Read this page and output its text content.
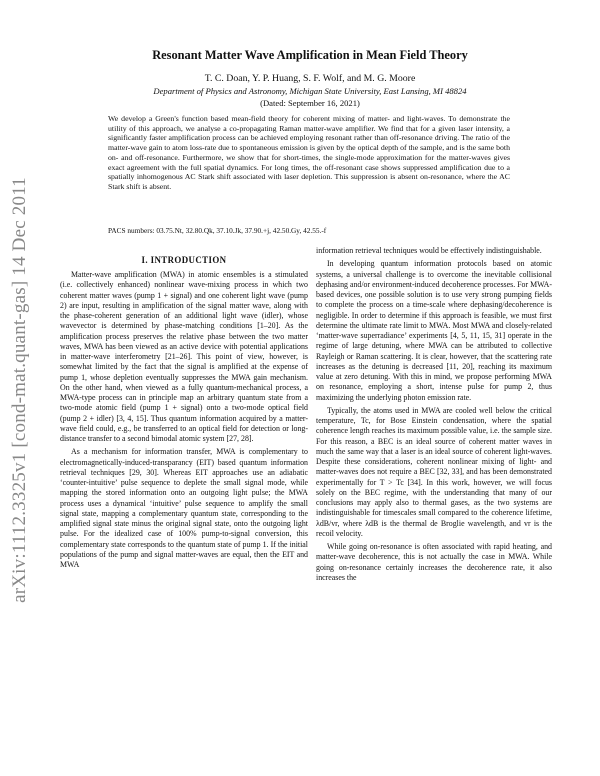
arXiv:1112.3325v1 [cond-mat.quant-gas] 14 Dec 2011
Resonant Matter Wave Amplification in Mean Field Theory
T. C. Doan, Y. P. Huang, S. F. Wolf, and M. G. Moore
Department of Physics and Astronomy, Michigan State University, East Lansing, MI 48824
(Dated: September 16, 2021)
We develop a Green's function based mean-field theory for coherent mixing of matter- and light-waves. To demonstrate the utility of this approach, we analyse a co-propagating Raman matter-wave amplifier. We find that for a given laser intensity, a significantly faster amplification process can be achieved employing resonant rather than off-resonance driving. The ratio of the matter-wave gain to atom loss-rate due to spontaneous emission is given by the optical depth of the sample, and is the same both on- and off-resonance. Furthermore, we show that for short-times, the single-mode approximation for the matter-waves gives exact agreement with the full spatial dynamics. For long times, the off-resonant case shows suppressed amplification due to a spatially inhomogenous AC Stark shift associated with laser depletion. This suppression is absent on-resonance, where the AC Stark shift is absent.
PACS numbers: 03.75.Nt, 32.80.Qk, 37.10.Jk, 37.90.+j, 42.50.Gy, 42.55.-f
I. INTRODUCTION

Matter-wave amplification (MWA) in atomic ensembles is a stimulated (i.e. collectively enhanced) nonlinear wave-mixing process in which two coherent matter waves (pump 1 + signal) and one coherent light wave (pump 2) are input, resulting in amplification of the signal matter wave, along with the phase-coherent generation of an additional light wave (idler), whose wavevector is determined by phase-matching conditions [1–20]. As the amplification process preserves the relative phase between the two matter waves, MWA has been viewed as an active device with potential applications in matter-wave interferometry [21–26]. This point of view, however, is somewhat limited by the fact that the signal is amplified at the expense of pump 1, whose depletion eventually suppresses the MWA gain mechanism. On the other hand, when viewed as a fully quantum-mechanical process, a MWA-type process can in principle map an arbitrary quantum state from a two-mode atomic field (pump 1 + signal) onto a two-mode optical field (pump 2 + idler) [3, 4, 15]. Thus quantum information acquired by a matter-wave field could, e.g., be transferred to an optical field for detection or long-distance transfer to a second bimodal atomic system [27, 28].

As a mechanism for information transfer, MWA is complementary to electromagnetically-induced-transparancy (EIT) based quantum information retrieval techniques [29, 30]. Whereas EIT approaches use an adiabatic ‘counter-intuitive’ pulse sequence to deplete the small signal mode, while mapping the stored information onto an outgoing light pulse; the MWA process uses a dynamical ‘intuitive’ pulse sequence to amplify the small signal state, mapping a complementary quantum state, corresponding to the amplified signal state minus the original signal state, onto the outgoing light pulse. For the idealized case of 100% pump-to-signal conversion, this complementary state corresponds to the quantum state of pump 1. If the initial populations of the pump and signal matter-waves are equal, then the EIT and MWA

information retrieval techniques would be effectively indistinguishable.

In developing quantum information protocols based on atomic systems, a universal challenge is to overcome the inevitable collisional dephasing and/or environment-induced decoherence processes. For MWA-based devices, one possible solution is to use very strong pumping fields to complete the process on a time-scale where dephasing/decoherence is negligible. In order to determine if this approach is feasible, we must first determine the ultimate rate limit to MWA. Most MWA and closely-related ‘matter-wave superradiance’ experiments [4, 5, 11, 15, 31] operate in the regime of large detuning, where MWA can be attributed to collective Rayleigh or Raman scattering. It is clear, however, that the scattering rate increases as the detuning is decreased [11, 20], reaching its maximum value at zero detuning. With this in mind, we propose performing MWA on resonance, employing a short, intense pulse for pump 2, thus maximizing the underlying photon emission rate.

Typically, the atoms used in MWA are cooled well below the critical temperature, Tc, for Bose Einstein condensation, where the spatial coherence length reaches its maximum possible value, i.e. the sample size. For this reason, a BEC is an ideal source of coherent matter waves in much the same way that a laser is an ideal source of coherent light-waves. Despite these considerations, coherent nonlinear mixing of light- and matter-waves does not require a BEC [32, 33], and has been demonstrated experimentally for T > Tc [34]. In this work, however, we will focus solely on the BEC regime, with the understanding that many of our conclusions may apply also to thermal gases, as the two systems are indistinguishable for timescales small compared to the coherence lifetime, λdB/vr, where λdB is the thermal de Broglie wavelength, and vr is the recoil velocity.

While going on-resonance is often associated with rapid heating, and matter-wave decoherence, this is not actually the case in MWA. While going on-resonance certainly increases the decoherence rate, it also increases the
